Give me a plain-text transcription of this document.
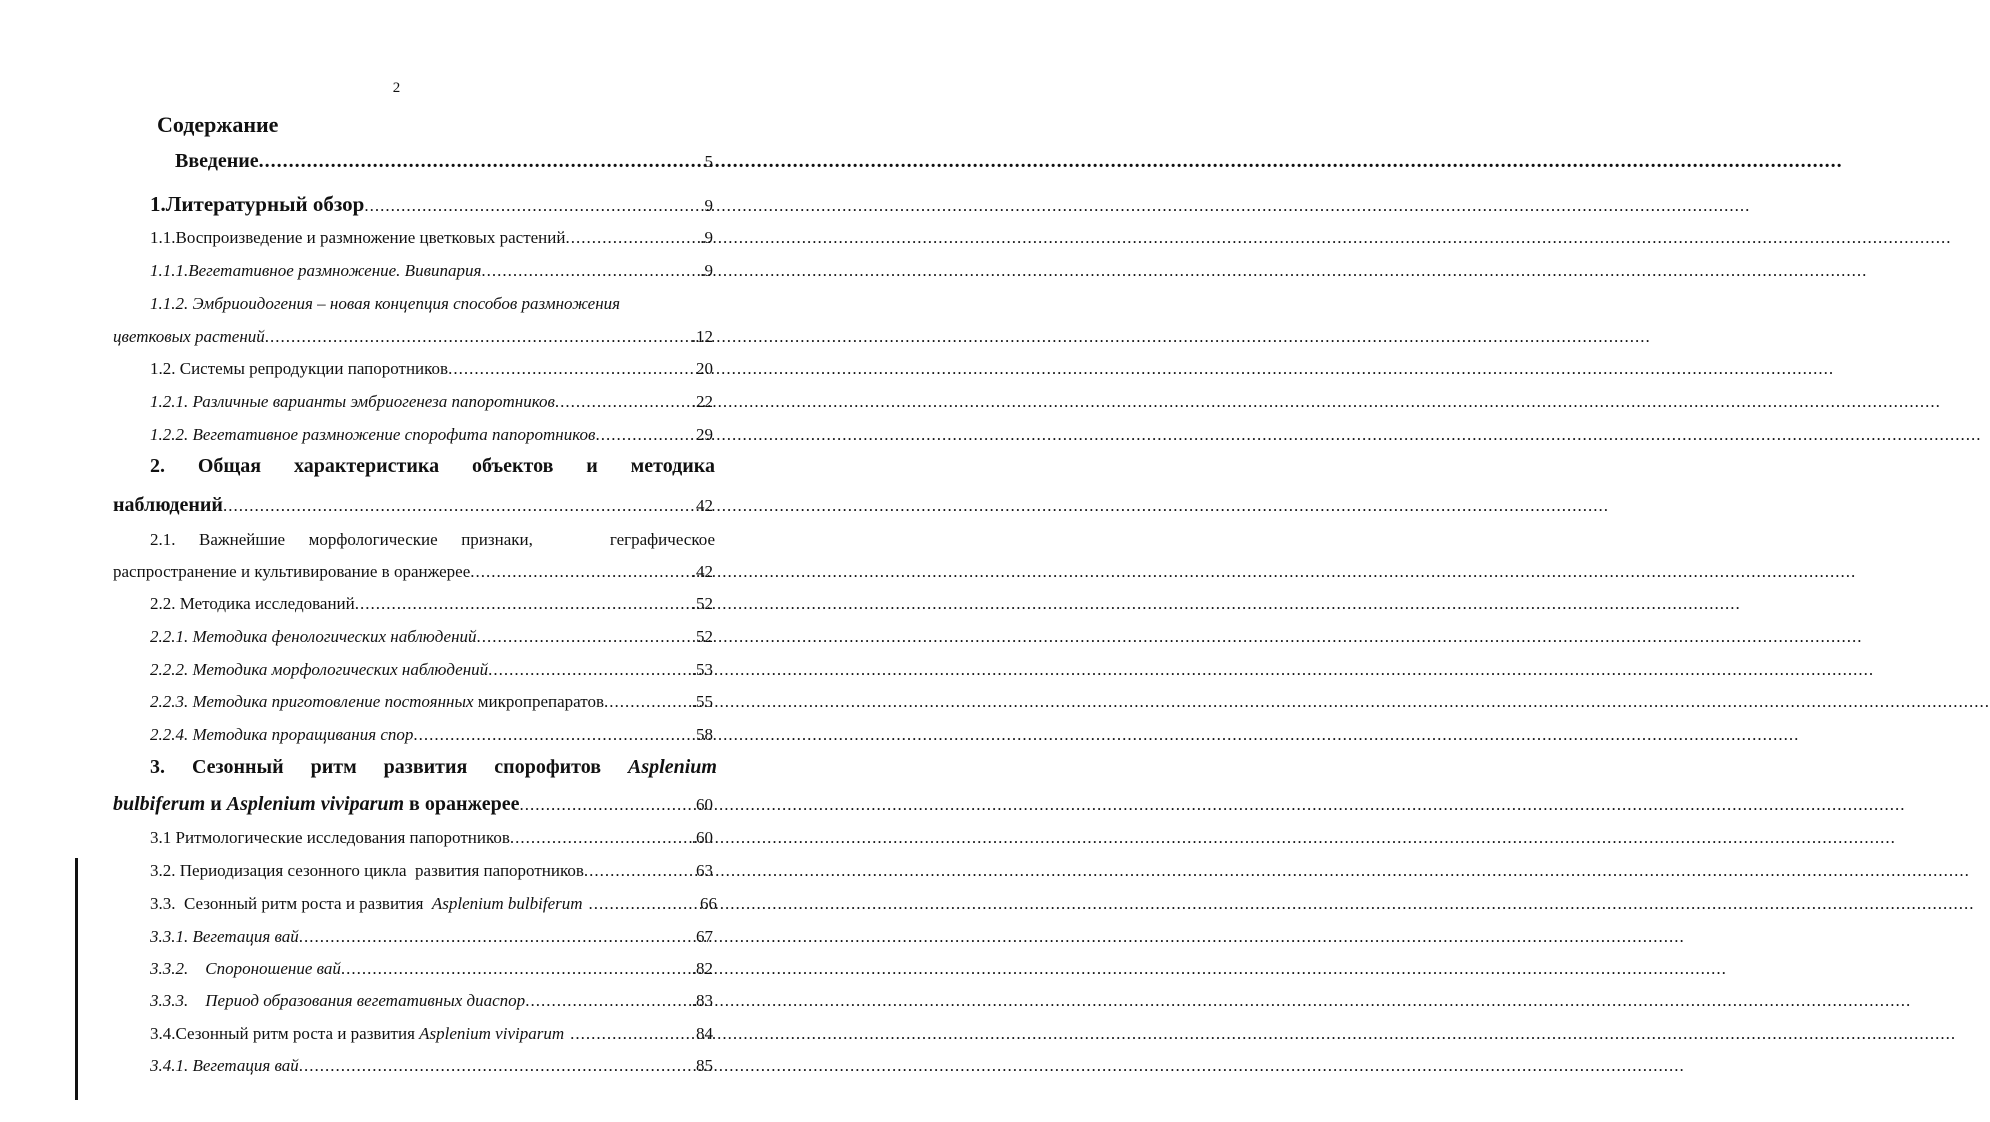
2
Содержание
Введение .....	5
1.Литературный обзор .....	9
1.1.Воспроизведение и размножение цветковых растений .....	.9
1.1.1.Вегетативное размножение. Вивипария .....	.9
1.1.2. Эмбриоидогения – новая концепция способов размножения
цветковых растений .....	.12
1.2. Системы репродукции папоротников .....	20
1.2.1. Различные варианты эмбриогенеза папоротников .....	.22
1.2.2. Вегетативное размножение спорофита папоротников .....	29
2. Общая характеристика объектов и методика
наблюдений .....	42
2.1. Важнейшие морфологические признаки,	геграфическое
распространение и культивирование в оранжерее .....	.42
2.2. Методика исследований .....	.52
2.2.1. Методика фенологических наблюдений .....	52
2.2.2. Методика морфологических наблюдений .....	.53
2.2.3. Методика приготовление постоянных микропрепаратов .....	.55
2.2.4. Методика проращивания спор .....	58
3. Сезонный ритм развития спорофитов Asplenium
bulbiferum и Asplenium viviparum в оранжерее .....	60
3.1 Ритмологические исследования папоротников .....	.60
3.2. Периодизация сезонного цикла  развития папоротников .....	63
3.3.  Сезонный ритм роста и развития  Asplenium bulbiferum .....	66
3.3.1. Вегетация вай .....	67
3.3.2.    Спороношение вай .....	.82
3.3.3.    Период образования вегетативных диаспор .....	.83
3.4.Сезонный ритм роста и развития Asplenium viviparum .....	84
3.4.1. Вегетация вай .....	85
